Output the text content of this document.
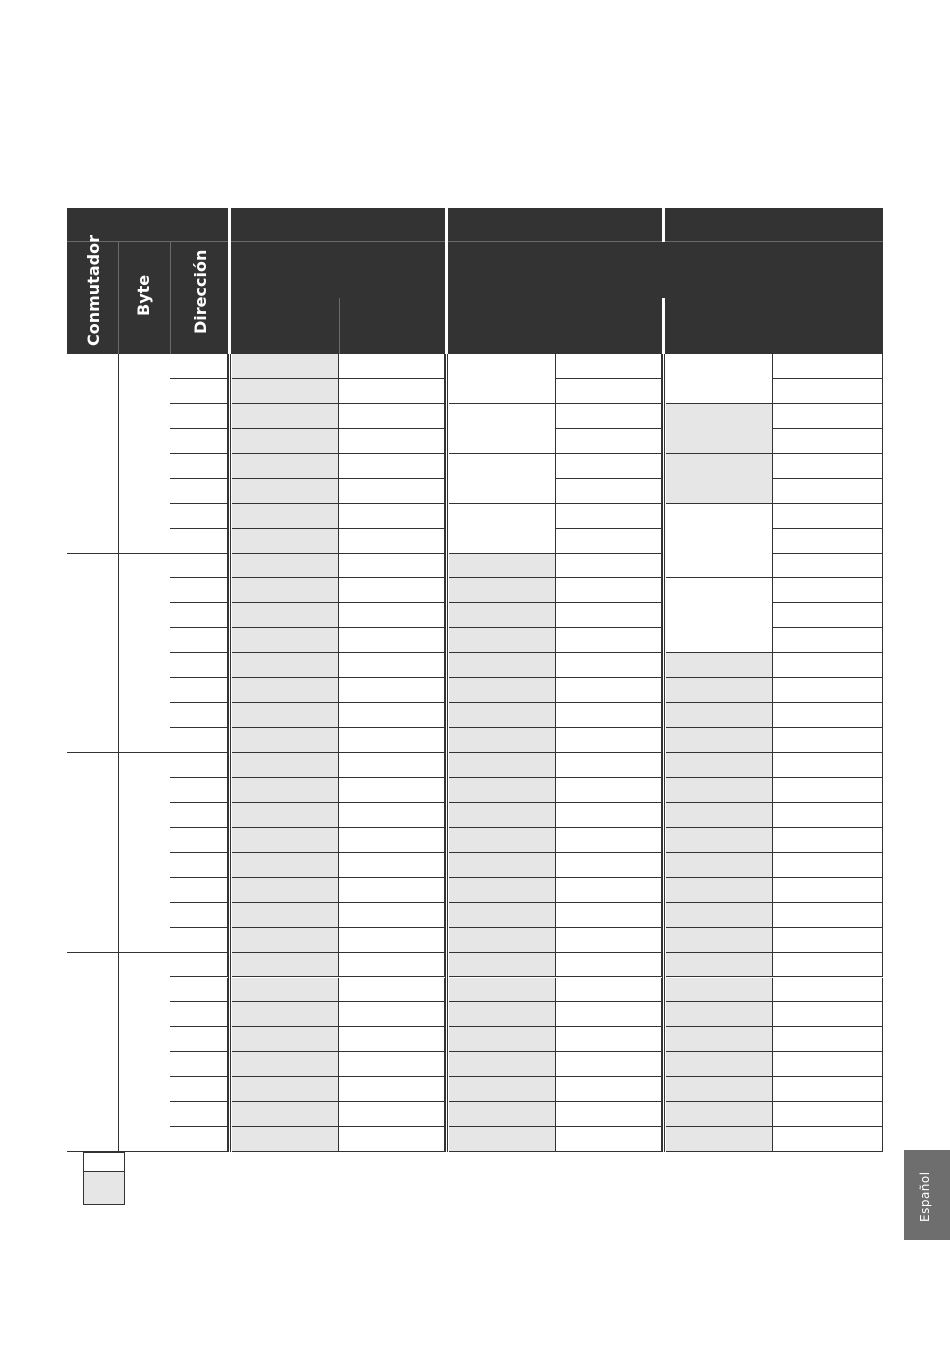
Conmutador Byte Dirección
Español
